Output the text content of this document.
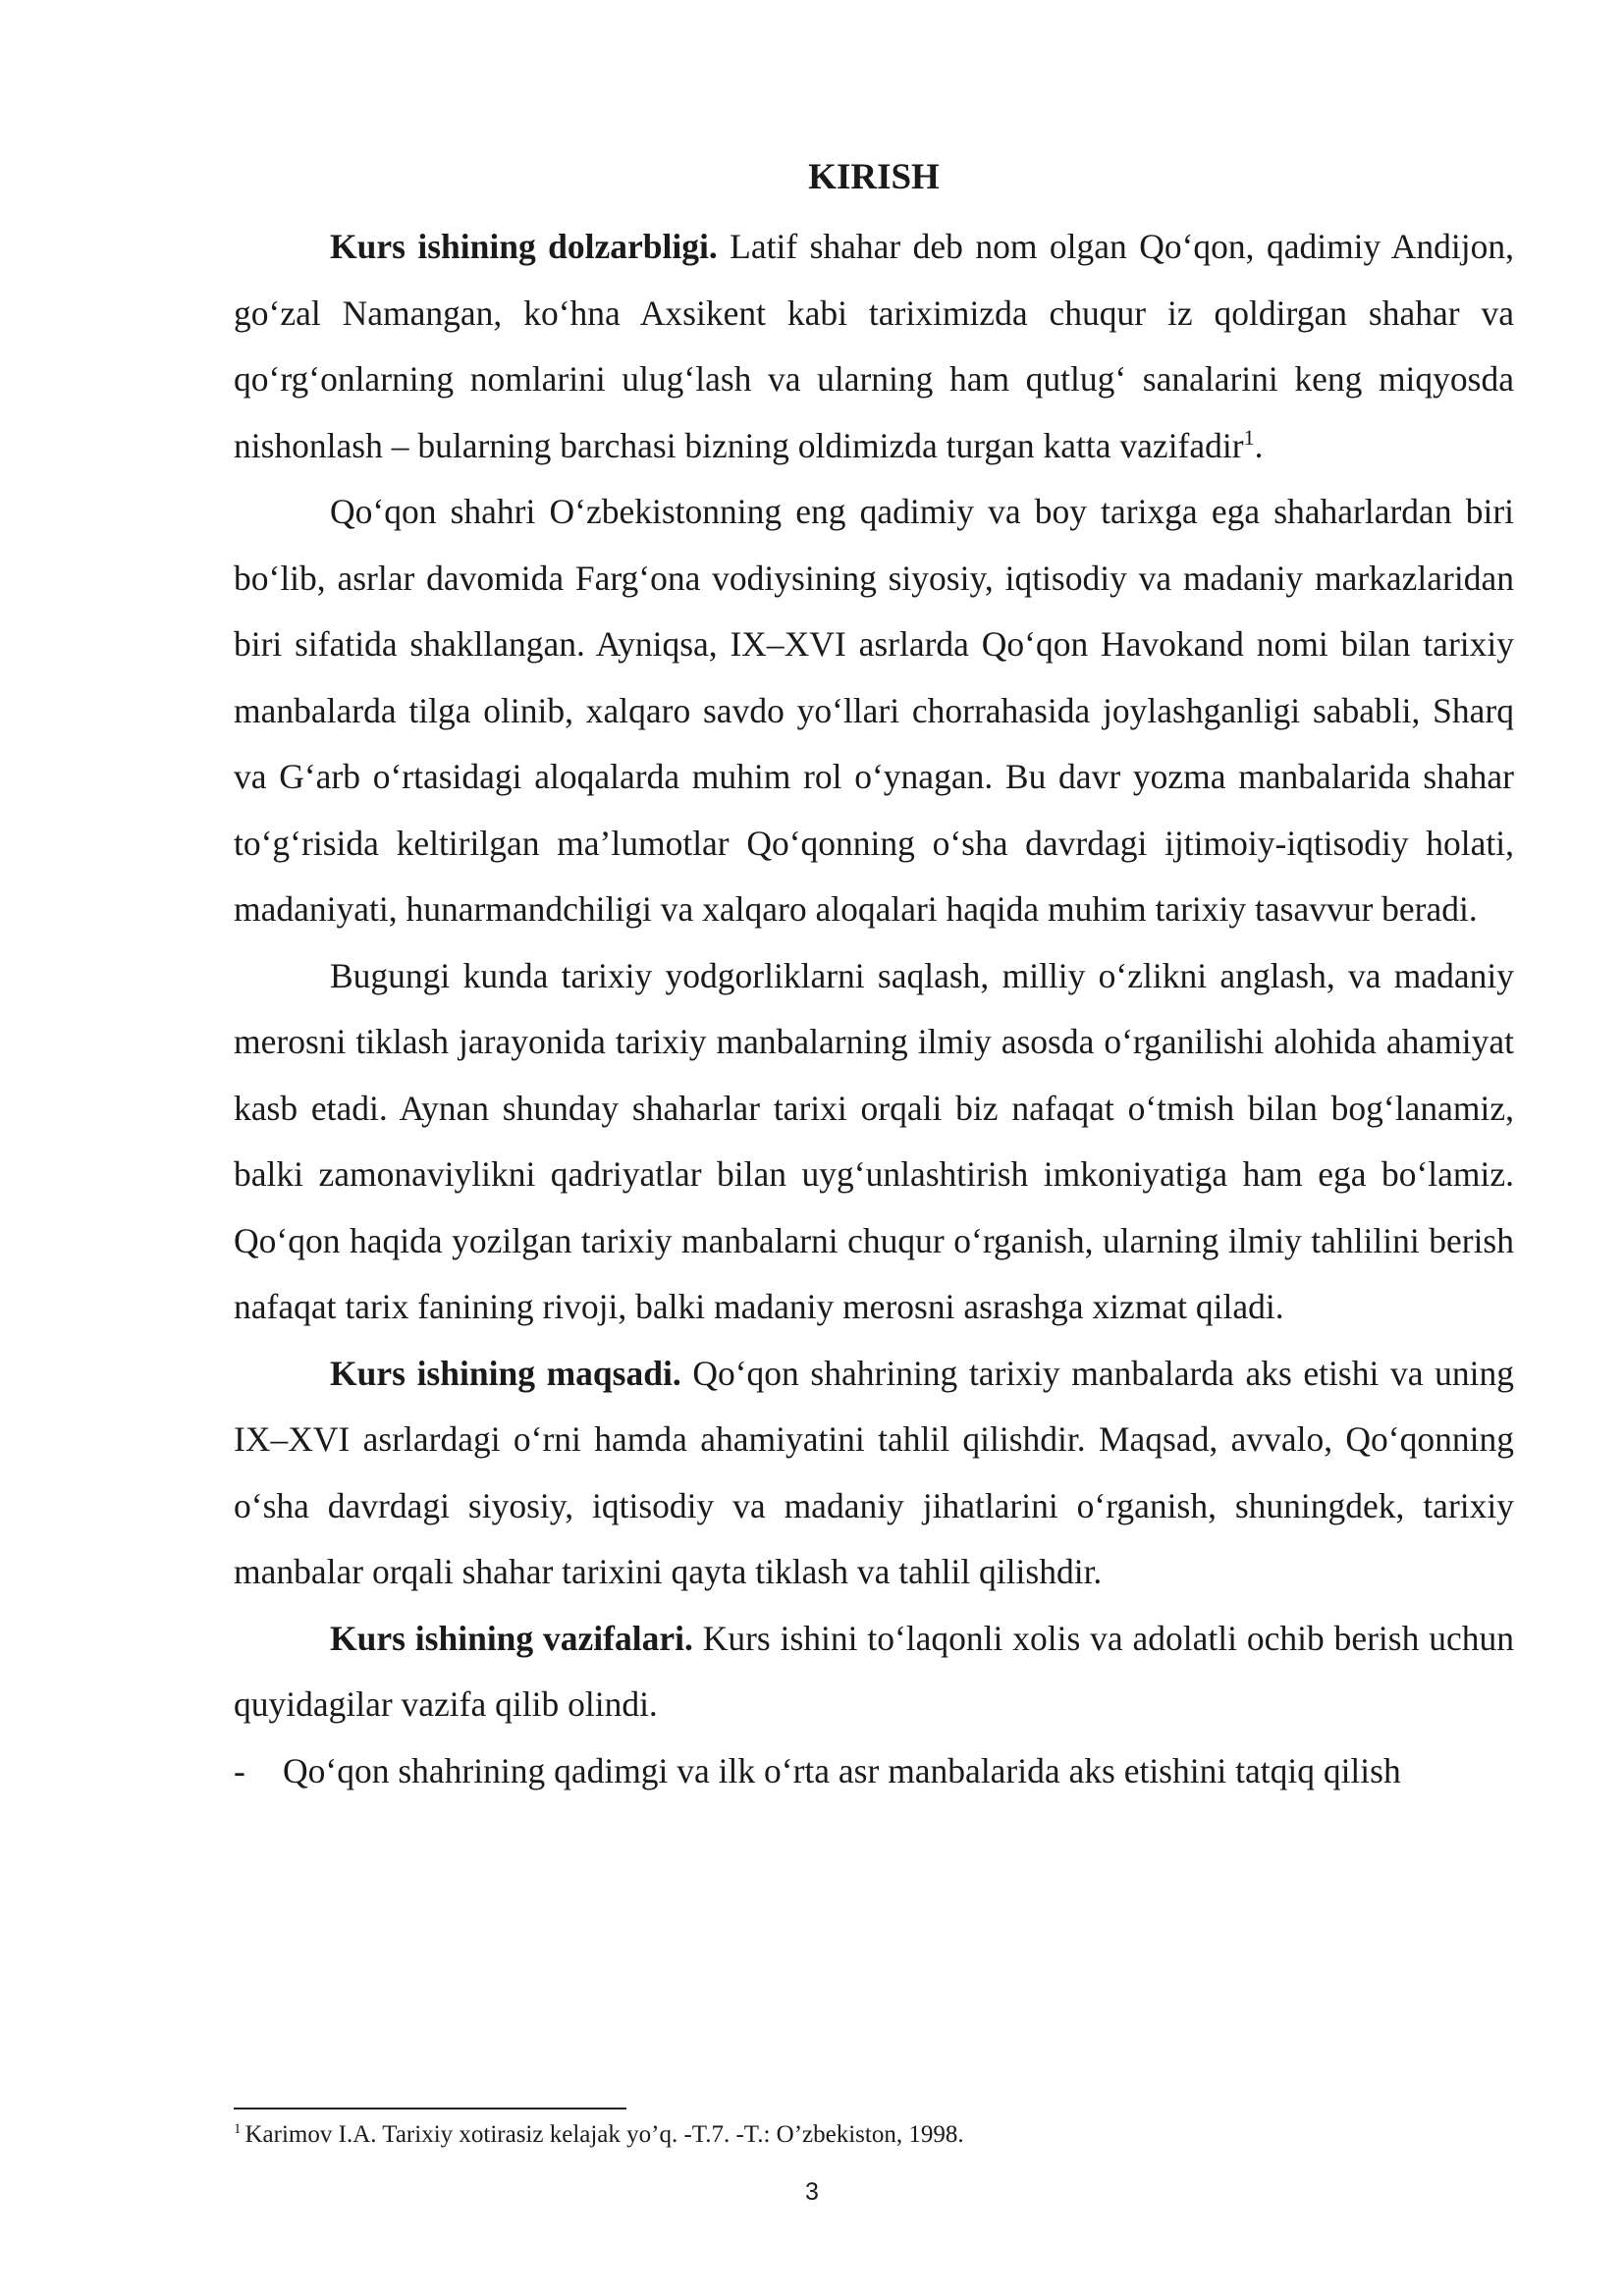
KIRISH

Kurs ishining dolzarbligi. Latif shahar deb nom olgan Qo‘qon, qadimiy Andijon, go‘zal Namangan, ko‘hna Axsikent kabi tariximizda chuqur iz qoldirgan shahar va qo‘rg‘onlarning nomlarini ulug‘lash va ularning ham qutlug‘ sanalarini keng miqyosda nishonlash – bularning barchasi bizning oldimizda turgan katta vazifadir$^1$.

Qo‘qon shahri O‘zbekistonning eng qadimiy va boy tarixga ega shaharlardan biri bo‘lib, asrlar davomida Farg‘ona vodiysining siyosiy, iqtisodiy va madaniy markazlaridan biri sifatida shakllangan. Ayniqsa, IX–XVI asrlarda Qo‘qon Havokand nomi bilan tarixiy manbalarda tilga olinib, xalqaro savdo yo‘llari chorrahasida joylashganligi sababli, Sharq va G‘arb o‘rtasidagi aloqalarda muhim rol o‘ynagan. Bu davr yozma manbalarida shahar to‘g‘risida keltirilgan ma’lumotlar Qo‘qonning o‘sha davrdagi ijtimoiy-iqtisodiy holati, madaniyati, hunarmandchiligi va xalqaro aloqalari haqida muhim tarixiy tasavvur beradi.

Bugungi kunda tarixiy yodgorliklarni saqlash, milliy o‘zlikni anglash, va madaniy merosni tiklash jarayonida tarixiy manbalarning ilmiy asosda o‘rganilishi alohida ahamiyat kasb etadi. Aynan shunday shaharlar tarixi orqali biz nafaqat o‘tmish bilan bog‘lanamiz, balki zamonaviylikni qadriyatlar bilan uyg‘unlashtirish imkoniyatiga ham ega bo‘lamiz. Qo‘qon haqida yozilgan tarixiy manbalarni chuqur o‘rganish, ularning ilmiy tahlilini berish nafaqat tarix fanining rivoji, balki madaniy merosni asrashga xizmat qiladi.

Kurs ishining maqsadi. Qo‘qon shahrining tarixiy manbalarda aks etishi va uning IX–XVI asrlardagi o‘rni hamda ahamiyatini tahlil qilishdir. Maqsad, avvalo, Qo‘qonning o‘sha davrdagi siyosiy, iqtisodiy va madaniy jihatlarini o‘rganish, shuningdek, tarixiy manbalar orqali shahar tarixini qayta tiklash va tahlil qilishdir.

Kurs ishining vazifalari. Kurs ishini to‘laqonli xolis va adolatli ochib berish uchun quyidagilar vazifa qilib olindi.

-	Qo‘qon shahrining qadimgi va ilk o‘rta asr manbalarida aks etishini tatqiq qilish
$^1$ Karimov I.A. Tarixiy xotirasiz kelajak yo’q. -T.7. -T.: O’zbekiston, 1998.
3
